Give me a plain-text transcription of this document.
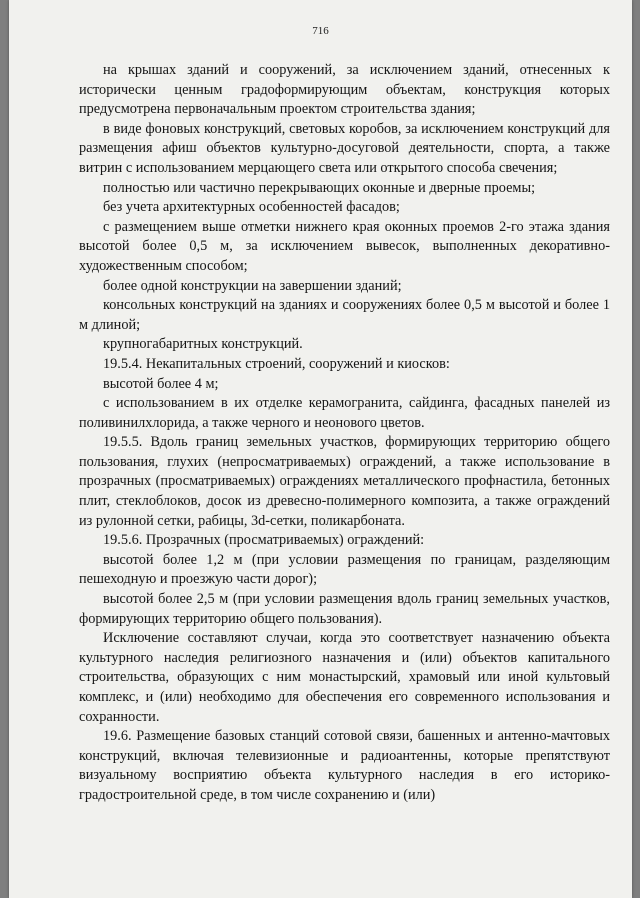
716

на крышах зданий и сооружений, за исключением зданий, отнесенных к исторически ценным градоформирующим объектам, конструкция которых предусмотрена первоначальным проектом строительства здания;

в виде фоновых конструкций, световых коробов, за исключением конструкций для размещения афиш объектов культурно-досуговой деятельности, спорта, а также витрин с использованием мерцающего света или открытого способа свечения;

полностью или частично перекрывающих оконные и дверные проемы;

без учета архитектурных особенностей фасадов;

с размещением выше отметки нижнего края оконных проемов 2-го этажа здания высотой более 0,5 м, за исключением вывесок, выполненных декоративно-художественным способом;

более одной конструкции на завершении зданий;

консольных конструкций на зданиях и сооружениях более 0,5 м высотой и более 1 м длиной;

крупногабаритных конструкций.

19.5.4. Некапитальных строений, сооружений и киосков:

высотой более 4 м;

с использованием в их отделке керамогранита, сайдинга, фасадных панелей из поливинилхлорида, а также черного и неонового цветов.

19.5.5. Вдоль границ земельных участков, формирующих территорию общего пользования, глухих (непросматриваемых) ограждений, а также использование в прозрачных (просматриваемых) ограждениях металлического профнастила, бетонных плит, стеклоблоков, досок из древесно-полимерного композита, а также ограждений из рулонной сетки, рабицы, 3d-сетки, поликарбоната.

19.5.6. Прозрачных (просматриваемых) ограждений:

высотой более 1,2 м (при условии размещения по границам, разделяющим пешеходную и проезжую части дорог);

высотой более 2,5 м (при условии размещения вдоль границ земельных участков, формирующих территорию общего пользования).

Исключение составляют случаи, когда это соответствует назначению объекта культурного наследия религиозного назначения и (или) объектов капитального строительства, образующих с ним монастырский, храмовый или иной культовый комплекс, и (или) необходимо для обеспечения его современного использования и сохранности.

19.6. Размещение базовых станций сотовой связи, башенных и антенно-мачтовых конструкций, включая телевизионные и радиоантенны, которые препятствуют визуальному восприятию объекта культурного наследия в его историко-градостроительной среде, в том числе сохранению и (или)
